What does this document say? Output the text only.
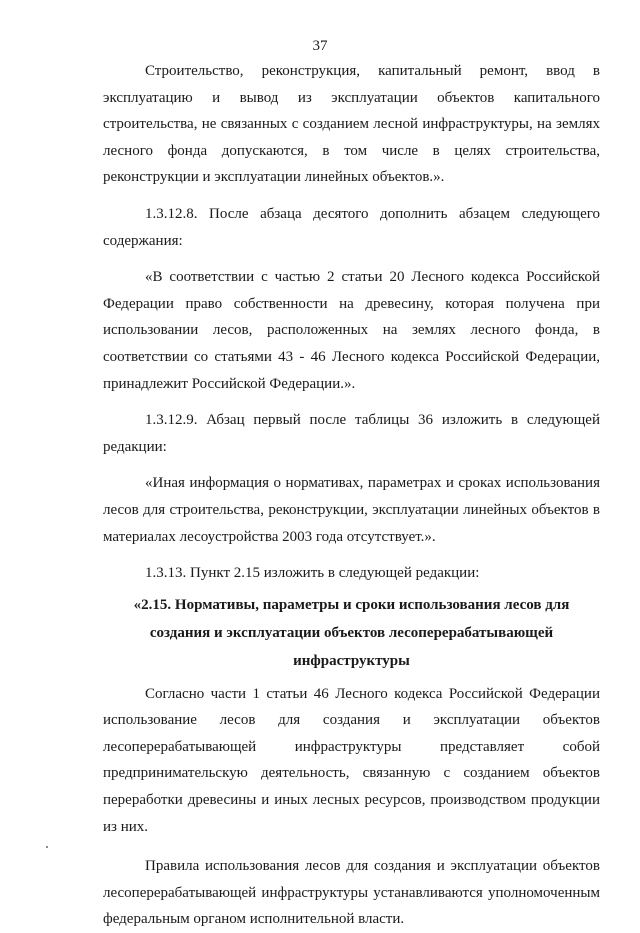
37

Строительство, реконструкция, капитальный ремонт, ввод в эксплуатацию и вывод из эксплуатации объектов капитального строительства, не связанных с созданием лесной инфраструктуры, на землях лесного фонда допускаются, в том числе в целях строительства, реконструкции и эксплуатации линейных объектов.».

1.3.12.8. После абзаца десятого дополнить абзацем следующего содержания:

«В соответствии с частью 2 статьи 20 Лесного кодекса Российской Федерации право собственности на древесину, которая получена при использовании лесов, расположенных на землях лесного фонда, в соответствии со статьями 43 - 46 Лесного кодекса Российской Федерации, принадлежит Российской Федерации.».

1.3.12.9. Абзац первый после таблицы 36 изложить в следующей редакции:

«Иная информация о нормативах, параметрах и сроках использования лесов для строительства, реконструкции, эксплуатации линейных объектов в материалах лесоустройства 2003 года отсутствует.».

1.3.13. Пункт 2.15 изложить в следующей редакции:

«2.15. Нормативы, параметры и сроки использования лесов для создания и эксплуатации объектов лесоперерабатывающей инфраструктуры

Согласно части 1 статьи 46 Лесного кодекса Российской Федерации использование лесов для создания и эксплуатации объектов лесоперерабатывающей инфраструктуры представляет собой предпринимательскую деятельность, связанную с созданием объектов переработки древесины и иных лесных ресурсов, производством продукции из них.

Правила использования лесов для создания и эксплуатации объектов лесоперерабатывающей инфраструктуры устанавливаются уполномоченным федеральным органом исполнительной власти.
